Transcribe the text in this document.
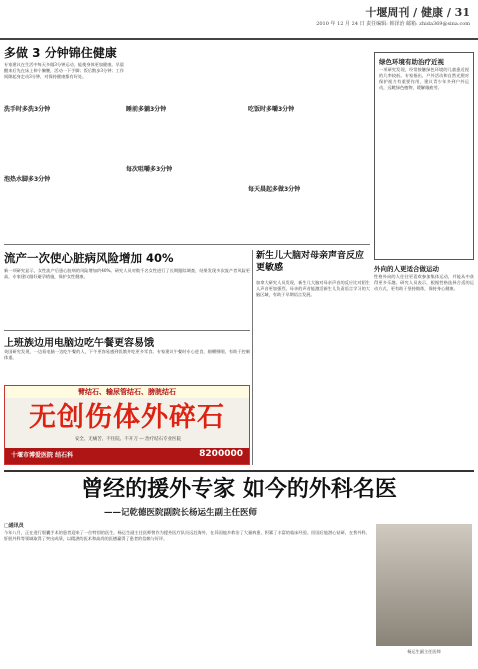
十堰周刊 / 健康 / 31
2010 年 12 月 24 日 责任编辑: 韩泽治 邮箱: zhida369@sina.com
多做 3 分钟锦住健康
专家建议在生活中每天多做3分钟运动，能使身体更加健康。早晨醒来后先在床上伸个懒腰，活动一下手脚；饭后散步3分钟；工作间隙起身走动3分钟，对保持健康都有好处。
洗手时多洗3分钟
泡热水脚多3分钟
睡前多躺3分钟
每次咀嚼多3分钟
吃饭时多嚼3分钟
每天晨起多做3分钟
流产一次使心脏病风险增加 40%
新一项研究显示，女性流产后患心脏病的风险增加约40%。研究人员对数千名女性进行了长期跟踪调查，结果发现多次流产者风险更高，专家建议做好避孕措施，保护女性健康。
上班族边用电脑边吃午餐更容易饿
英国研究发现，一边看电脑一边吃午餐的人，下午更容易感到饥饿并吃更多零食。专家建议午餐时专心进食，细嚼慢咽，有助于控制体重。
臂结石、输尿管结石、膀胱结石
无创伤体外碎石
安全、无痛苦、不住院、不开刀 — 治疗结石专业医院
十堰市博爱医院 结石科	8200000
新生儿大脑对母亲声音反应更敏感
加拿大研究人员发现，新生儿大脑对母亲声音的反应比对陌生人声音更加强烈，母亲的声音能激活新生儿负责语言学习的大脑区域，有助于早期语言发展。
绿色环境有助治疗近视
一项研究发现，经常接触绿色环境的儿童患近视的几率较低。专家指出，户外活动和自然光照对保护视力有重要作用，建议青少年多到户外运动，远眺绿色植物，缓解眼疲劳。
外向的人更适合做运动
性格外向的人往往更喜欢参加集体运动，并能从中获得更多乐趣。研究人员表示，根据性格选择合适的运动方式，更有助于坚持锻炼，保持身心健康。
曾经的援外专家 如今的外科名医
——记乾德医院副院长杨运生副主任医师
□通讯员
今年八月，正在进行胆囊手术的患者迎来了一位特别的医生。杨运生副主任医师曾作为援外医疗队员远赴海外，在异国他乡救治了大量病患，积累了丰富的临床经验。回国后他潜心钻研，在普外科、肝胆外科等领域取得了突出成绩，以精湛的医术和高尚的医德赢得了患者的信赖与好评。
杨运生副主任医师
